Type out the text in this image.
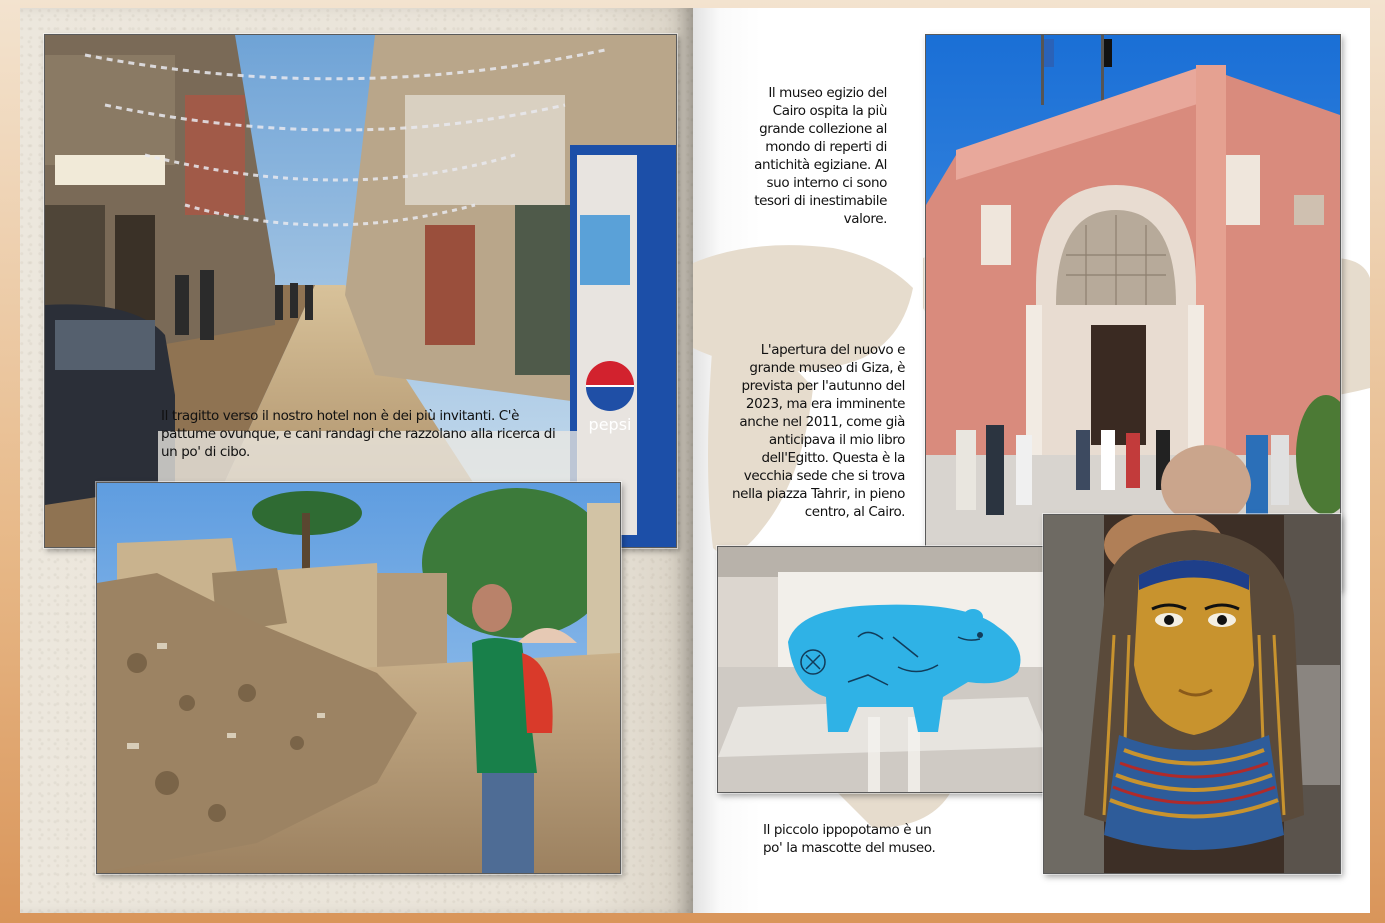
pepsi
Il tragitto verso il nostro hotel non è dei più invitanti. C'è pattume ovunque, e cani randagi che razzolano alla ricerca di un po' di cibo.
Il museo egizio del Cairo ospita la più grande collezione al mondo di reperti di antichità egiziane. Al suo interno ci sono tesori di inestimabile valore.
L'apertura del nuovo e grande museo di Giza, è prevista per l'autunno del 2023, ma era imminente anche nel 2011, come già anticipava il mio libro dell'Egitto. Questa è la vecchia sede che si trova nella piazza Tahrir, in pieno centro, al Cairo.
Il piccolo ippopotamo è un po' la mascotte del museo.
